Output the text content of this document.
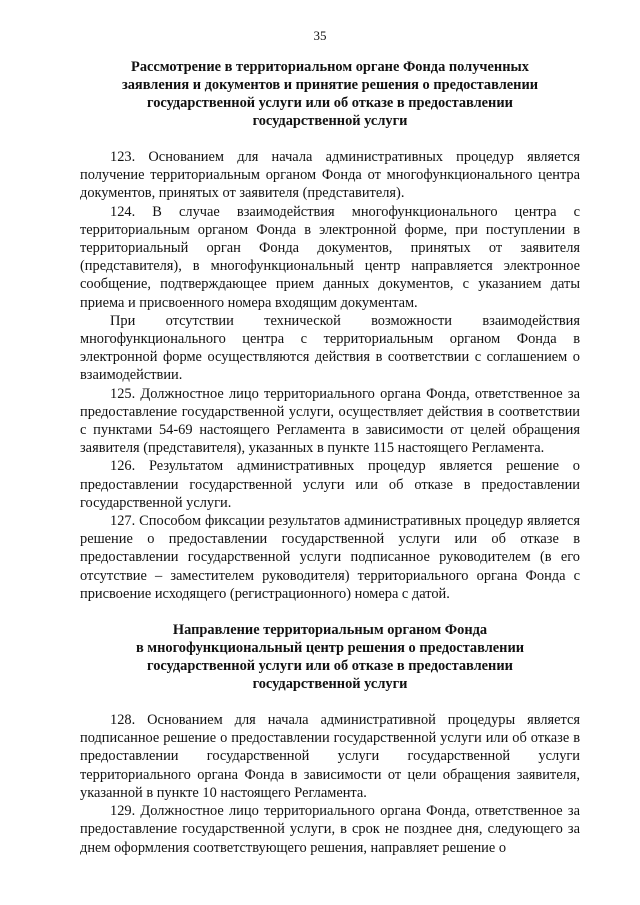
35
Рассмотрение в территориальном органе Фонда полученных
заявления и документов и принятие решения о предоставлении
государственной услуги или об отказе в предоставлении
государственной услуги

123. Основанием для начала административных процедур является получение территориальным органом Фонда от многофункционального центра документов, принятых от заявителя (представителя).

124. В случае взаимодействия многофункционального центра с территориальным органом Фонда в электронной форме, при поступлении в территориальный орган Фонда документов, принятых от заявителя (представителя), в многофункциональный центр направляется электронное сообщение, подтверждающее прием данных документов, с указанием даты приема и присвоенного номера входящим документам.

При отсутствии технической возможности взаимодействия многофункционального центра с территориальным органом Фонда в электронной форме осуществляются действия в соответствии с соглашением о взаимодействии.

125. Должностное лицо территориального органа Фонда, ответственное за предоставление государственной услуги, осуществляет действия в соответствии с пунктами 54-69 настоящего Регламента в зависимости от целей обращения заявителя (представителя), указанных в пункте 115 настоящего Регламента.

126. Результатом административных процедур является решение о предоставлении государственной услуги или об отказе в предоставлении государственной услуги.

127. Способом фиксации результатов административных процедур является решение о предоставлении государственной услуги или об отказе в предоставлении государственной услуги подписанное руководителем (в его отсутствие – заместителем руководителя) территориального органа Фонда с присвоение исходящего (регистрационного) номера с датой.

Направление территориальным органом Фонда
в многофункциональный центр решения о предоставлении
государственной услуги или об отказе в предоставлении
государственной услуги

128. Основанием для начала административной процедуры является подписанное решение о предоставлении государственной услуги или об отказе в предоставлении государственной услуги государственной услуги территориального органа Фонда в зависимости от цели обращения заявителя, указанной в пункте 10 настоящего Регламента.

129. Должностное лицо территориального органа Фонда, ответственное за предоставление государственной услуги, в срок не позднее дня, следующего за днем оформления соответствующего решения, направляет решение о
